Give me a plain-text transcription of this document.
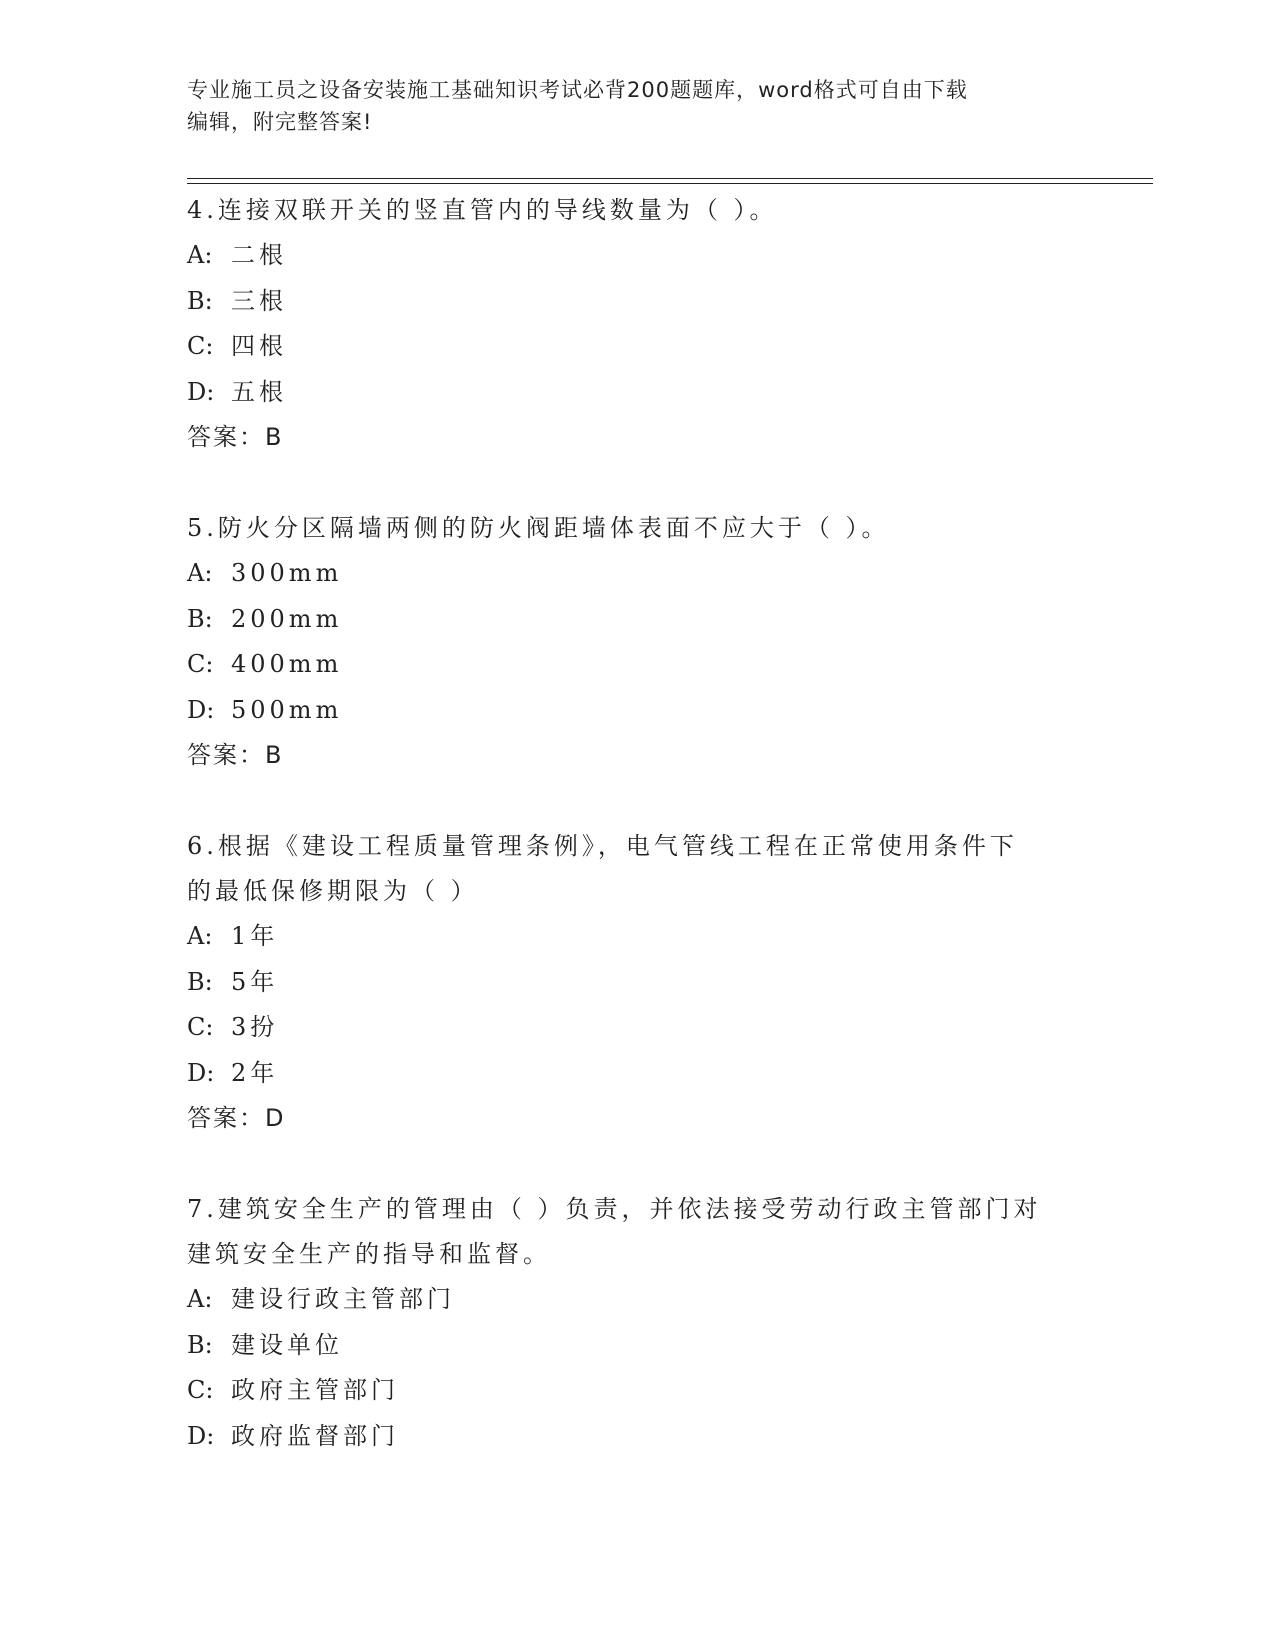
专业施工员之设备安装施工基础知识考试必背200题题库，word格式可自由下载
编辑，附完整答案!
4.连接双联开关的竖直管内的导线数量为（ ）。
A: 二根
B: 三根
C: 四根
D: 五根
答案：B
5.防火分区隔墙两侧的防火阀距墙体表面不应大于（ ）。
A: 300mm
B: 200mm
C: 400mm
D: 500mm
答案：B
6.根据《建设工程质量管理条例》，电气管线工程在正常使用条件下
的最低保修期限为（ ）
A: 1年
B: 5年
C: 3扮
D: 2年
答案：D
7.建筑安全生产的管理由（ ）负责，并依法接受劳动行政主管部门对
建筑安全生产的指导和监督。
A: 建设行政主管部门
B: 建设单位
C: 政府主管部门
D: 政府监督部门
